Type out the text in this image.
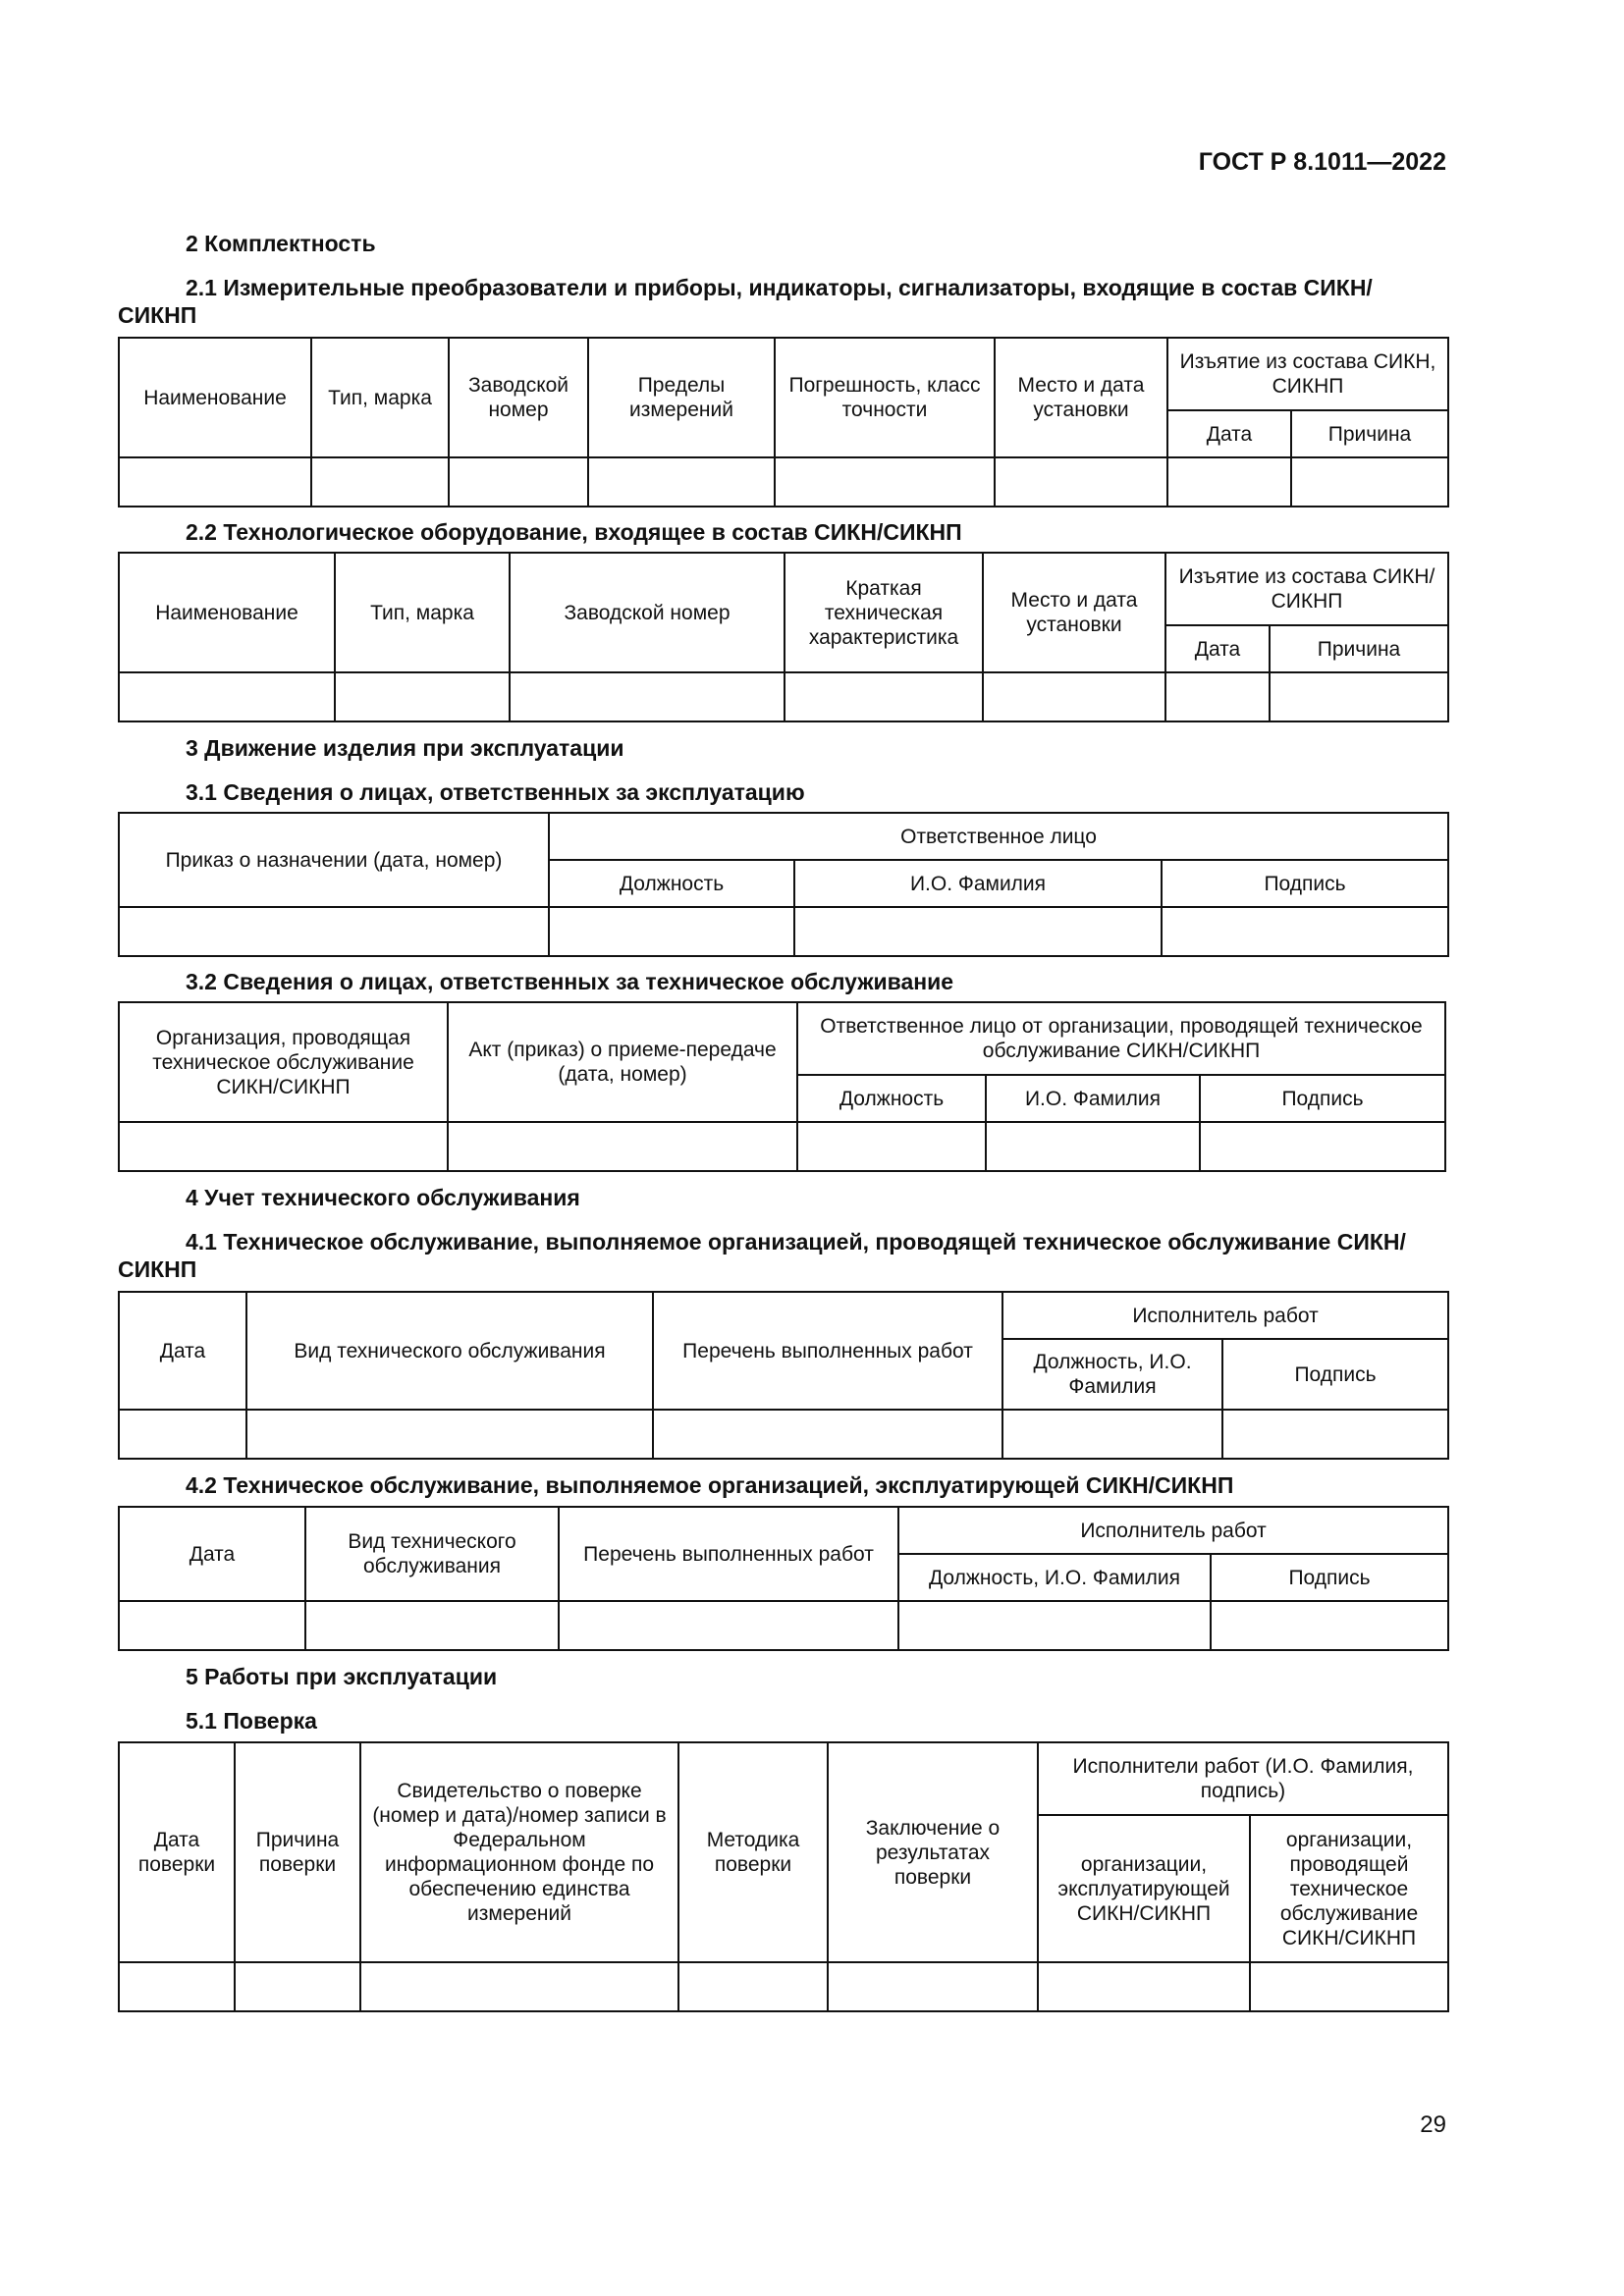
ГОСТ Р 8.1011—2022
2 Комплектность
2.1 Измерительные преобразователи и приборы, индикаторы, сигнализаторы, входящие в состав СИКН/СИКНП
Наименование	Тип, марка	Заводской номер	Пределы измерений	Погрешность, класс точности	Место и дата установки	Изъятие из состава СИКН, СИКНП	
						Дата	Причина

2.2 Технологическое оборудование, входящее в состав СИКН/СИКНП
Наименование	Тип, марка	Заводской номер	Краткая техническая характеристика	Место и дата установки	Изъятие из состава СИКН/ СИКНП	
					Дата	Причина

3 Движение изделия при эксплуатации
3.1 Сведения о лицах, ответственных за эксплуатацию
Приказ о назначении (дата, номер)	Ответственное лицо		
	Должность	И.О. Фамилия	Подпись

3.2 Сведения о лицах, ответственных за техническое обслуживание
Организация, проводящая техническое обслуживание СИКН/СИКНП	Акт (приказ) о приеме-передаче (дата, номер)	Ответственное лицо от организации, проводящей техническое обслуживание СИКН/СИКНП		
		Должность	И.О. Фамилия	Подпись

4 Учет технического обслуживания
4.1 Техническое обслуживание, выполняемое организацией, проводящей техническое обслуживание СИКН/СИКНП
Дата	Вид технического обслуживания	Перечень выполненных работ	Исполнитель работ	
			Должность, И.О. Фамилия	Подпись

4.2 Техническое обслуживание, выполняемое организацией, эксплуатирующей СИКН/СИКНП
Дата	Вид технического обслуживания	Перечень выполненных работ	Исполнитель работ	
			Должность, И.О. Фамилия	Подпись

5 Работы при эксплуатации
5.1 Поверка
Дата поверки	Причина поверки	Свидетельство о поверке (номер и дата)/номер записи в Федеральном информационном фонде по обеспечению единства измерений	Методика поверки	Заключение о результатах поверки	Исполнители работ (И.О. Фамилия, подпись)	
					организации, эксплуатирующей СИКН/СИКНП	организации, проводящей техническое обслуживание СИКН/СИКНП

29
